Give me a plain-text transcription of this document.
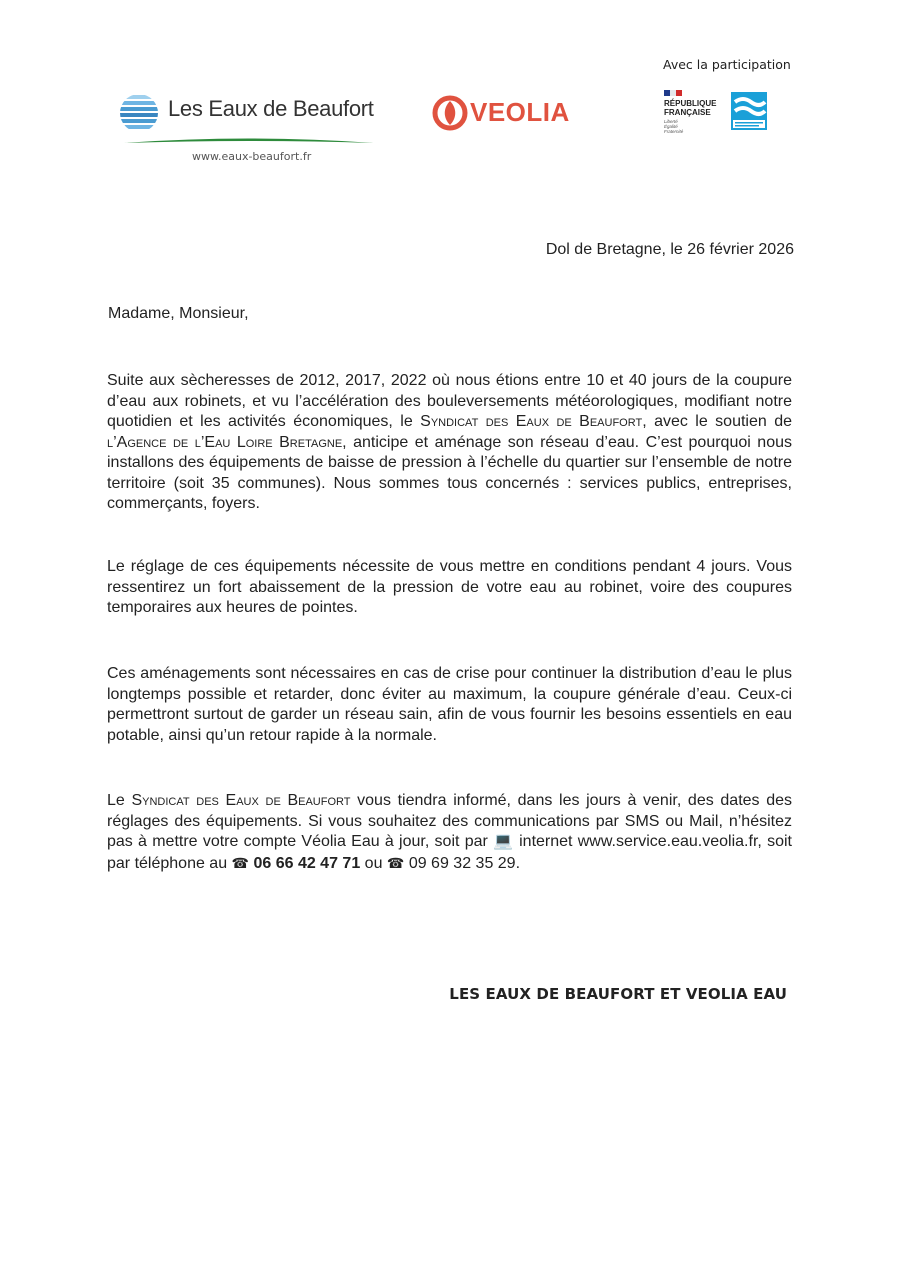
Avec la participation
Les Eaux de Beaufort
www.eaux-beaufort.fr
VEOLIA	RÉPUBLIQUE
FRANÇAISE
Liberté
Égalité
Fraternité
Dol de Bretagne, le 26 février 2026
Madame, Monsieur,
Suite aux sècheresses de 2012, 2017, 2022 où nous étions entre 10 et 40 jours de la coupure d’eau aux robinets, et vu l’accélération des bouleversements météorologiques, modifiant notre quotidien et les activités économiques, le Syndicat des Eaux de Beaufort, avec le soutien de l’Agence de l’Eau Loire Bretagne, anticipe et aménage son réseau d’eau. C’est pourquoi nous installons des équipements de baisse de pression à l’échelle du quartier sur l’ensemble de notre territoire (soit 35 communes). Nous sommes tous concernés : services publics, entreprises, commerçants, foyers.
Le réglage de ces équipements nécessite de vous mettre en conditions pendant 4 jours. Vous ressentirez un fort abaissement de la pression de votre eau au robinet, voire des coupures temporaires aux heures de pointes.
Ces aménagements sont nécessaires en cas de crise pour continuer la distribution d’eau le plus longtemps possible et retarder, donc éviter au maximum, la coupure générale d’eau. Ceux-ci permettront surtout de garder un réseau sain, afin de vous fournir les besoins essentiels en eau potable, ainsi qu’un retour rapide à la normale.
Le Syndicat des Eaux de Beaufort vous tiendra informé, dans les jours à venir, des dates des réglages des équipements. Si vous souhaitez des communications par SMS ou Mail, n’hésitez pas à mettre votre compte Véolia Eau à jour, soit par 💻 internet www.service.eau.veolia.fr, soit par téléphone au ☎ 06 66 42 47 71 ou ☎ 09 69 32 35 29.
LES EAUX DE BEAUFORT ET VEOLIA EAU
